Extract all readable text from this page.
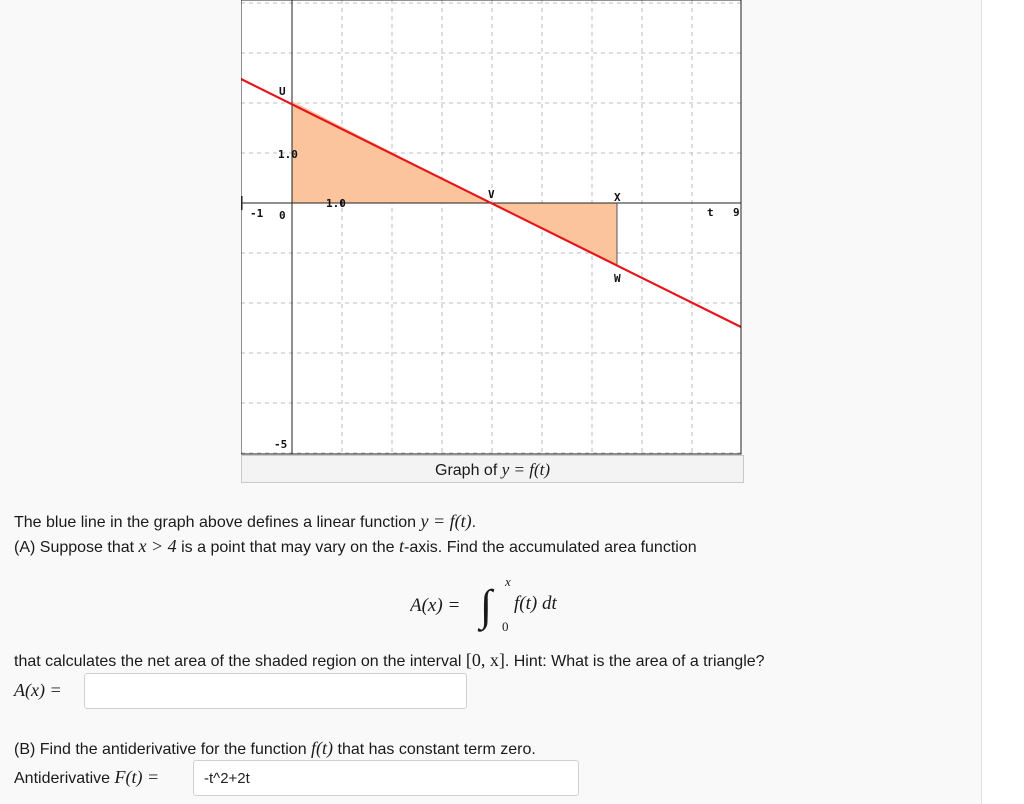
-1 0
1.0
1.0
-5
t 9
U
V
W
X
Graph of y = f(t)
The blue line in the graph above defines a linear function y = f(t).
(A) Suppose that x > 4 is a point that may vary on the t-axis. Find the accumulated area function
A(x) = ∫ x
0
f(t) dt
that calculates the net area of the shaded region on the interval [0, x]. Hint: What is the area of a triangle?
A(x) =
(B) Find the antiderivative for the function f(t) that has constant term zero.
Antiderivative F(t) =
-t^2+2t
